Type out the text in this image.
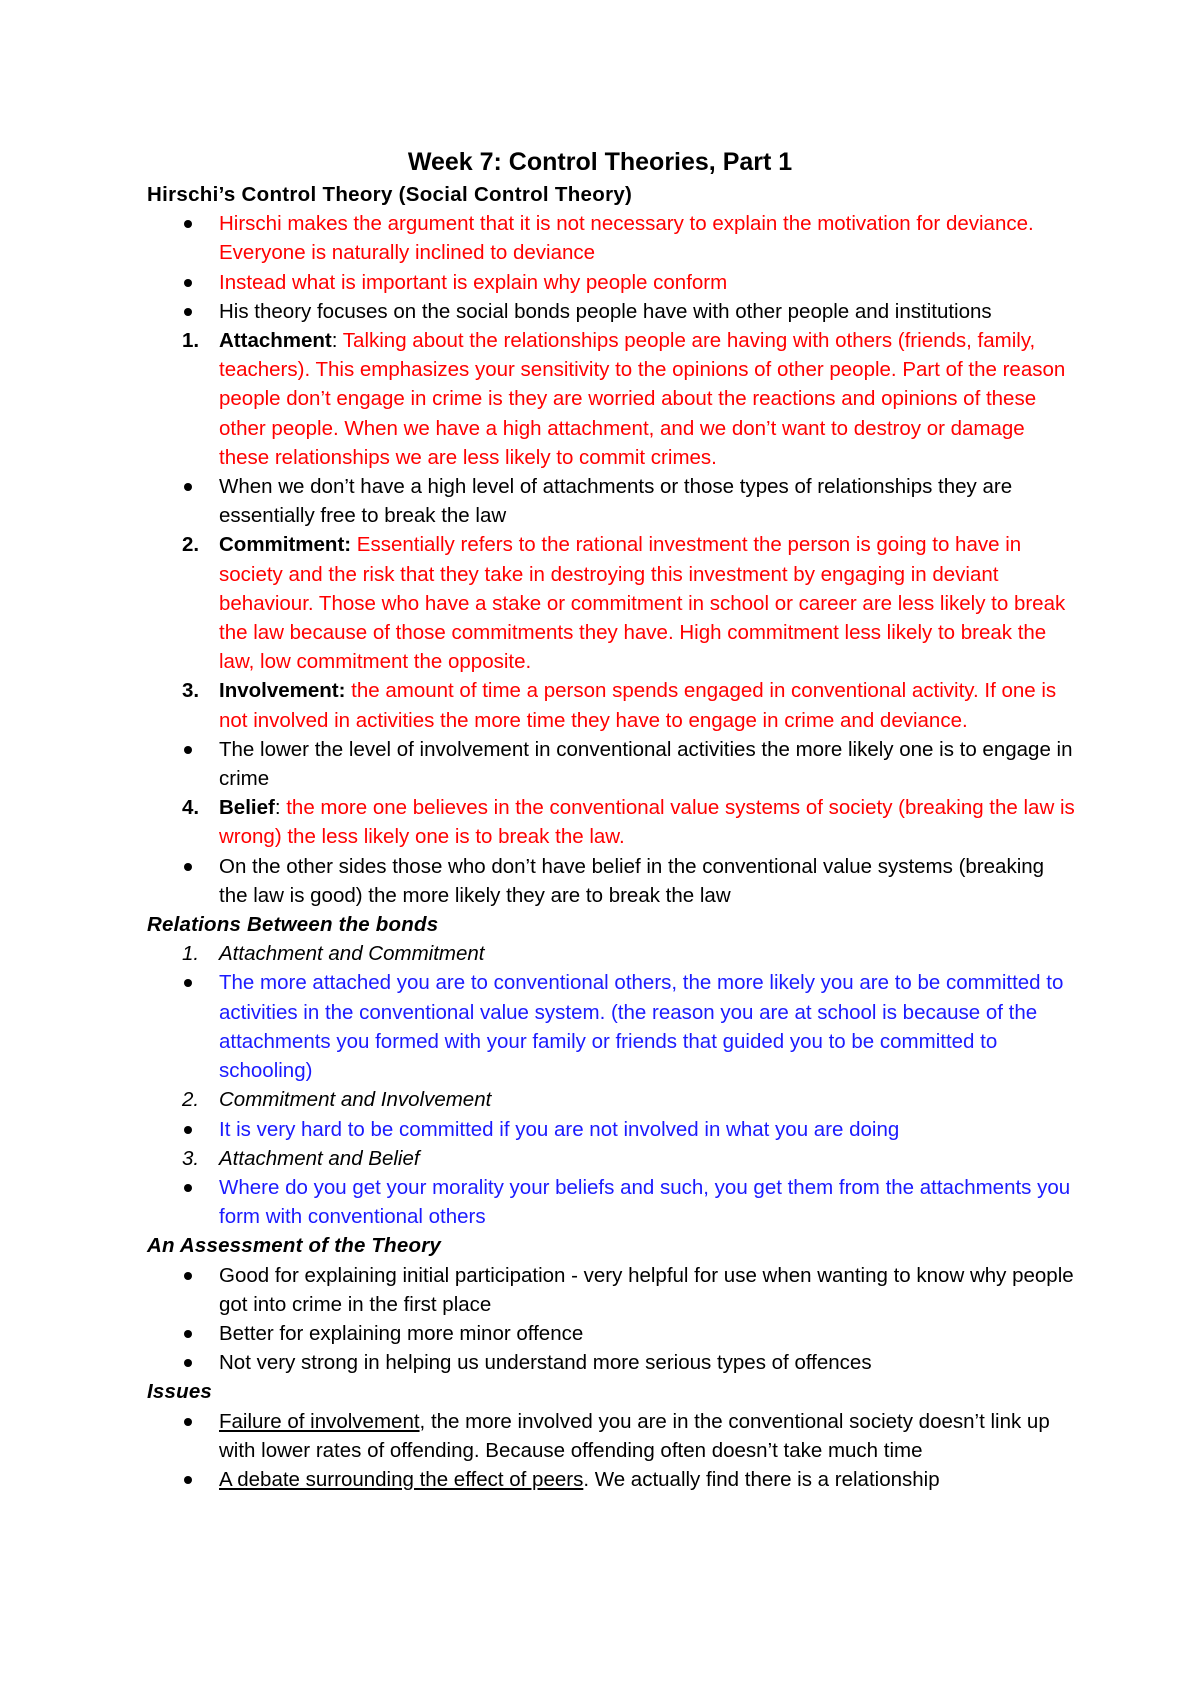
Week 7: Control Theories, Part 1
Hirschi’s Control Theory (Social Control Theory)
Hirschi makes the argument that it is not necessary to explain the motivation for deviance. Everyone is naturally inclined to deviance
Instead what is important is explain why people conform
His theory focuses on the social bonds people have with other people and institutions
1. Attachment: Talking about the relationships people are having with others (friends, family, teachers). This emphasizes your sensitivity to the opinions of other people. Part of the reason people don’t engage in crime is they are worried about the reactions and opinions of these other people. When we have a high attachment, and we don’t want to destroy or damage these relationships we are less likely to commit crimes.
When we don’t have a high level of attachments or those types of relationships they are essentially free to break the law
2. Commitment: Essentially refers to the rational investment the person is going to have in society and the risk that they take in destroying this investment by engaging in deviant behaviour. Those who have a stake or commitment in school or career are less likely to break the law because of those commitments they have. High commitment less likely to break the law, low commitment the opposite.
3. Involvement: the amount of time a person spends engaged in conventional activity. If one is not involved in activities the more time they have to engage in crime and deviance.
The lower the level of involvement in conventional activities the more likely one is to engage in crime
4. Belief: the more one believes in the conventional value systems of society (breaking the law is wrong) the less likely one is to break the law.
On the other sides those who don’t have belief in the conventional value systems (breaking the law is good) the more likely they are to break the law
Relations Between the bonds
1. Attachment and Commitment
The more attached you are to conventional others, the more likely you are to be committed to activities in the conventional value system. (the reason you are at school is because of the attachments you formed with your family or friends that guided you to be committed to schooling)
2. Commitment and Involvement
It is very hard to be committed if you are not involved in what you are doing
3. Attachment and Belief
Where do you get your morality your beliefs and such, you get them from the attachments you form with conventional others
An Assessment of the Theory
Good for explaining initial participation - very helpful for use when wanting to know why people got into crime in the first place
Better for explaining more minor offence
Not very strong in helping us understand more serious types of offences
Issues
Failure of involvement, the more involved you are in the conventional society doesn’t link up with lower rates of offending. Because offending often doesn’t take much time
A debate surrounding the effect of peers. We actually find there is a relationship
